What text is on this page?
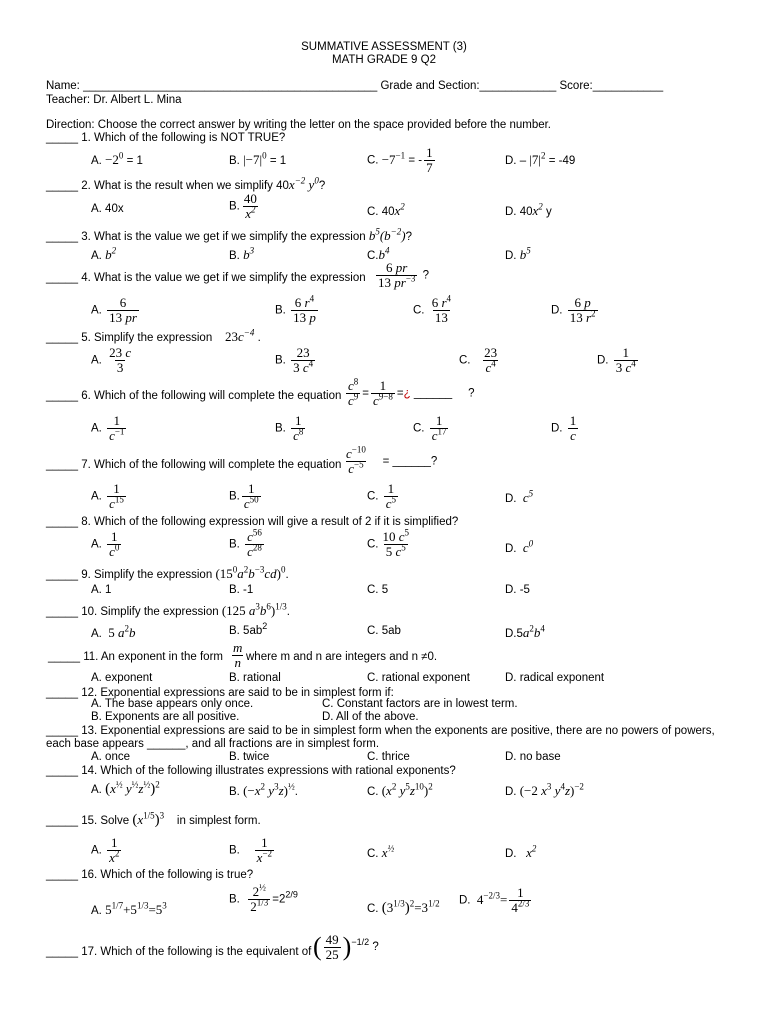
SUMMATIVE ASSESSMENT (3)
MATH GRADE 9 Q2
Name: ______________________________________________ Grade and Section:____________ Score:___________
Teacher: Dr. Albert L. Mina
Direction: Choose the correct answer by writing the letter on the space provided before the number.
_____ 1. Which of the following is NOT TRUE?
A. $-2^0 = 1$	B. $|-7|^0 = 1$	C. $-7^{-1}$ = - $\frac{1}{7}$	D. – $|7|^2 = -49$
_____ 2. What is the result when we simplify $40x^{-2}$ $y^0$?
A. 40x	B. $\frac{40}{x^2}$	C. $40x^2$	D. $40x^2$ y
_____ 3. What is the value we get if we simplify the expression $b^5(b^{-2})$?
A. $b^2$	B. $b^3$	$C.b^4$	D. $b^5$
_____ 4. What is the value we get if we simplify the expression $\frac{6 pr}{13 pr^{-3}}$ ?
A. $\frac{6}{13 pr}$	B. $\frac{6 r^4}{13 p}$	C. $\frac{6 r^4}{13}$	D. $\frac{6 p}{13 r^2}$
_____ 5. Simplify the expression $23c^{-4}$ .
A. $\frac{23 c}{3}$	B. $\frac{23}{3 c^4}$	C. $\frac{23}{c^4}$	D. $\frac{1}{3 c^4}$
_____ 6. Which of the following will complete the equation $\frac{c^8}{c^9} = \frac{1}{c^{9-8}}$ =¿ ______ ?
A. $\frac{1}{c^{-1}}$	B. $\frac{1}{c^8}$	C. $\frac{1}{c^{17}}$	D. $\frac{1}{c}$
_____ 7. Which of the following will complete the equation $\frac{c^{-10}}{c^{-5}}$ = ______?
A. $\frac{1}{c^{15}}$	B. $\frac{1}{c^{50}}$	C. $\frac{1}{c^5}$	D. $c^5$
_____ 8. Which of the following expression will give a result of 2 if it is simplified?
A. $\frac{1}{c^0}$	B. $\frac{c^{56}}{c^{28}}$	C. $\frac{10 c^5}{5 c^5}$	D. $c^0$
_____ 9. Simplify the expression $(15^0a^2b^{-3}cd)^0$.
A. 1	B. -1	C. 5	D. -5
_____ 10. Simplify the expression (125 $a^3b^6)^{1/3}$.
A. 5 $a^2b$	B. $5ab^2$	C. 5ab	$D.5a^2b^4$
_____ 11. An exponent in the form $\frac{m}{n}$ where m and n are integers and n ≠0.
A. exponent	B. rational	C. rational exponent	D. radical exponent
_____ 12. Exponential expressions are said to be in simplest form if:
A. The base appears only once.	C. Constant factors are in lowest term.
B. Exponents are all positive.	D. All of the above.
_____ 13. Exponential expressions are said to be in simplest form when the exponents are positive, there are no powers of powers,
each base appears ______, and all fractions are in simplest form.
A. once	B. twice	C. thrice	D. no base
_____ 14. Which of the following illustrates expressions with rational exponents?
A. ($x^{\frac{1}{2}}$ $y^{\frac{1}{2}}z^{\frac{1}{2}})^2$
B. ($-x^2$ $y^3z)^{\frac{1}{2}}$.	C. ($x^2$ $y^5z^{10})^2$	D. (−2 $x^3$ $y^4z)^{-2}$
_____ 15. Solve $(x^{1/5})^3$ in simplest form.
A. $\frac{1}{x^2}$	B. $\frac{1}{x^{-2}}$	C. $x^{\frac{1}{2}}$	D. $x^2$
_____ 16. Which of the following is true?
A. $5^{1/7}+5^{1/3}=5^3$
B. $\frac{2^{\frac{1}{2}}}{2^{1/3}} =2^{2/9}$
C. $(3^{1/3})^2=3^{1/2}$ D. $4^{-2/3}= \frac{1}{4^{2/3}}$
_____ 17. Which of the following is the equivalent of ( $\frac{49}{25} )^{-1/2}$ ?
